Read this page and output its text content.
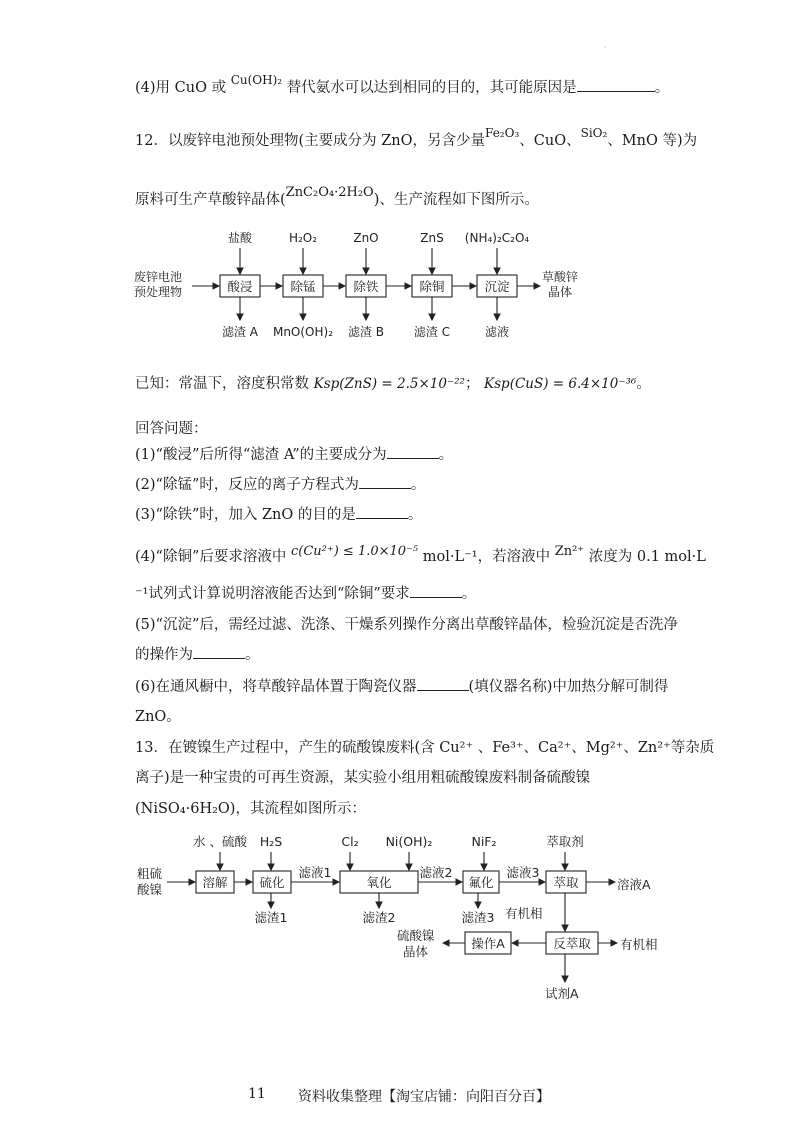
·
(4)用 CuO 或 $^{Cu(OH)_2}$ 替代氨水可以达到相同的目的，其可能原因是	。
12．以废锌电池预处理物(主要成分为 ZnO，另含少量$^{Fe_2O_3}$、CuO、$^{SiO_2}$、MnO 等)为
原料可生产草酸锌晶体(ZnC₂O₄·2H₂O)、生产流程如下图所示。
废锌电池
预处理物
草酸锌
晶体
盐酸	H₂O₂	ZnO	ZnS (NH₄)₂C₂O₄
滤渣 A MnO(OH)₂ 滤渣 B 滤渣 C	滤液
酸浸	除锰	除铁	除铜	沉淀
已知：常温下，溶度积常数 Ksp(ZnS) = 2.5×10⁻²²； Ksp(CuS) = 6.4×10⁻³⁶。
回答问题：
(1)“酸浸”后所得“滤渣 A”的主要成分为	。
(2)“除锰”时，反应的离子方程式为	。
(3)“除铁”时，加入 ZnO 的目的是	。
(4)“除铜”后要求溶液中 c(Cu²⁺) ≤ 1.0×10⁻⁵ mol·L⁻¹，若溶液中 Zn²⁺ 浓度为 0.1 mol·L
⁻¹试列式计算说明溶液能否达到“除铜”要求	。
(5)“沉淀”后，需经过滤、洗涤、干燥系列操作分离出草酸锌晶体，检验沉淀是否洗净
的操作为	。
(6)在通风橱中，将草酸锌晶体置于陶瓷仪器	(填仪器名称)中加热分解可制得
ZnO。
13．在镀镍生产过程中，产生的硫酸镍废料(含 Cu²⁺ 、Fe³⁺、Ca²⁺、Mg²⁺、Zn²⁺等杂质
离子)是一种宝贵的可再生资源，某实验小组用粗硫酸镍废料制备硫酸镍
(NiSO₄·6H₂O)，其流程如图所示：
粗硫
酸镍
水 、硫酸 H₂S	Cl₂ Ni(OH)₂	NiF₂	萃取剂
滤液1	滤液2	滤液3
滤渣1	滤渣2	滤渣3
溶液A
有机相
有机相
硫酸镍
晶体
试剂A
溶解	硫化	氧化	氟化	萃取
反萃取
操作A
11 资料收集整理【淘宝店铺：向阳百分百】
